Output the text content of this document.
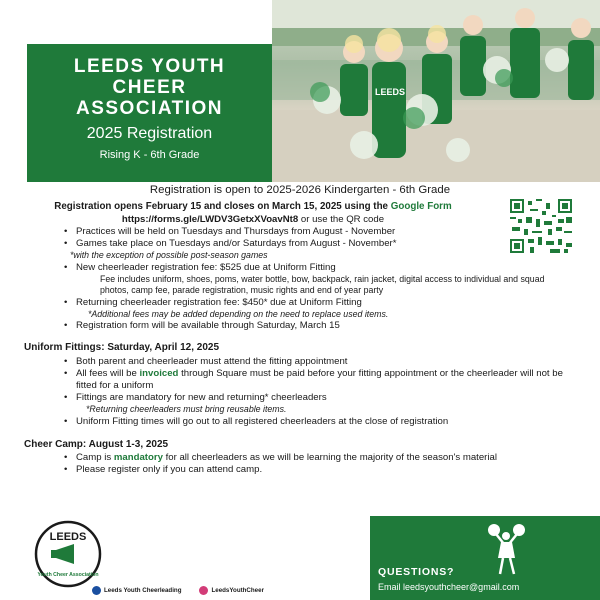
LEEDS
LEEDS YOUTH
CHEER
ASSOCIATION
2025 Registration
Rising K - 6th Grade
Registration is open to 2025-2026 Kindergarten - 6th Grade
Registration opens February 15 and closes on March 15, 2025 using the Google Form
https://forms.gle/LWDV3GetxXVoavNt8 or use the QR code
• Practices will be held on Tuesdays and Thursdays from August - November
• Games take place on Tuesdays and/or Saturdays from August - November*
*with the exception of possible post-season games
• New cheerleader registration fee: $525 due at Uniform Fitting
Fee includes uniform, shoes, poms, water bottle, bow, backpack, rain jacket, digital access to individual and squad photos, camp fee, parade registration, music rights and end of year party
• Returning cheerleader registration fee: $450* due at Uniform Fitting
*Additional fees may be added depending on the need to replace used items.
• Registration form will be available through Saturday, March 15
Uniform Fittings: Saturday, April 12, 2025
• Both parent and cheerleader must attend the fitting appointment
• All fees will be invoiced through Square must be paid before your fitting appointment or the cheerleader will not be fitted for a uniform
• Fittings are mandatory for new and returning* cheerleaders
*Returning cheerleaders must bring reusable items.
• Uniform Fitting times will go out to all registered cheerleaders at the close of registration
Cheer Camp: August 1-3, 2025
• Camp is mandatory for all cheerleaders as we will be learning the majority of the season's material
• Please register only if you can attend camp.
LEEDS
Youth Cheer Association
Leeds Youth Cheerleading	LeedsYouthCheer
QUESTIONS?
Email leedsyouthcheer@gmail.com
